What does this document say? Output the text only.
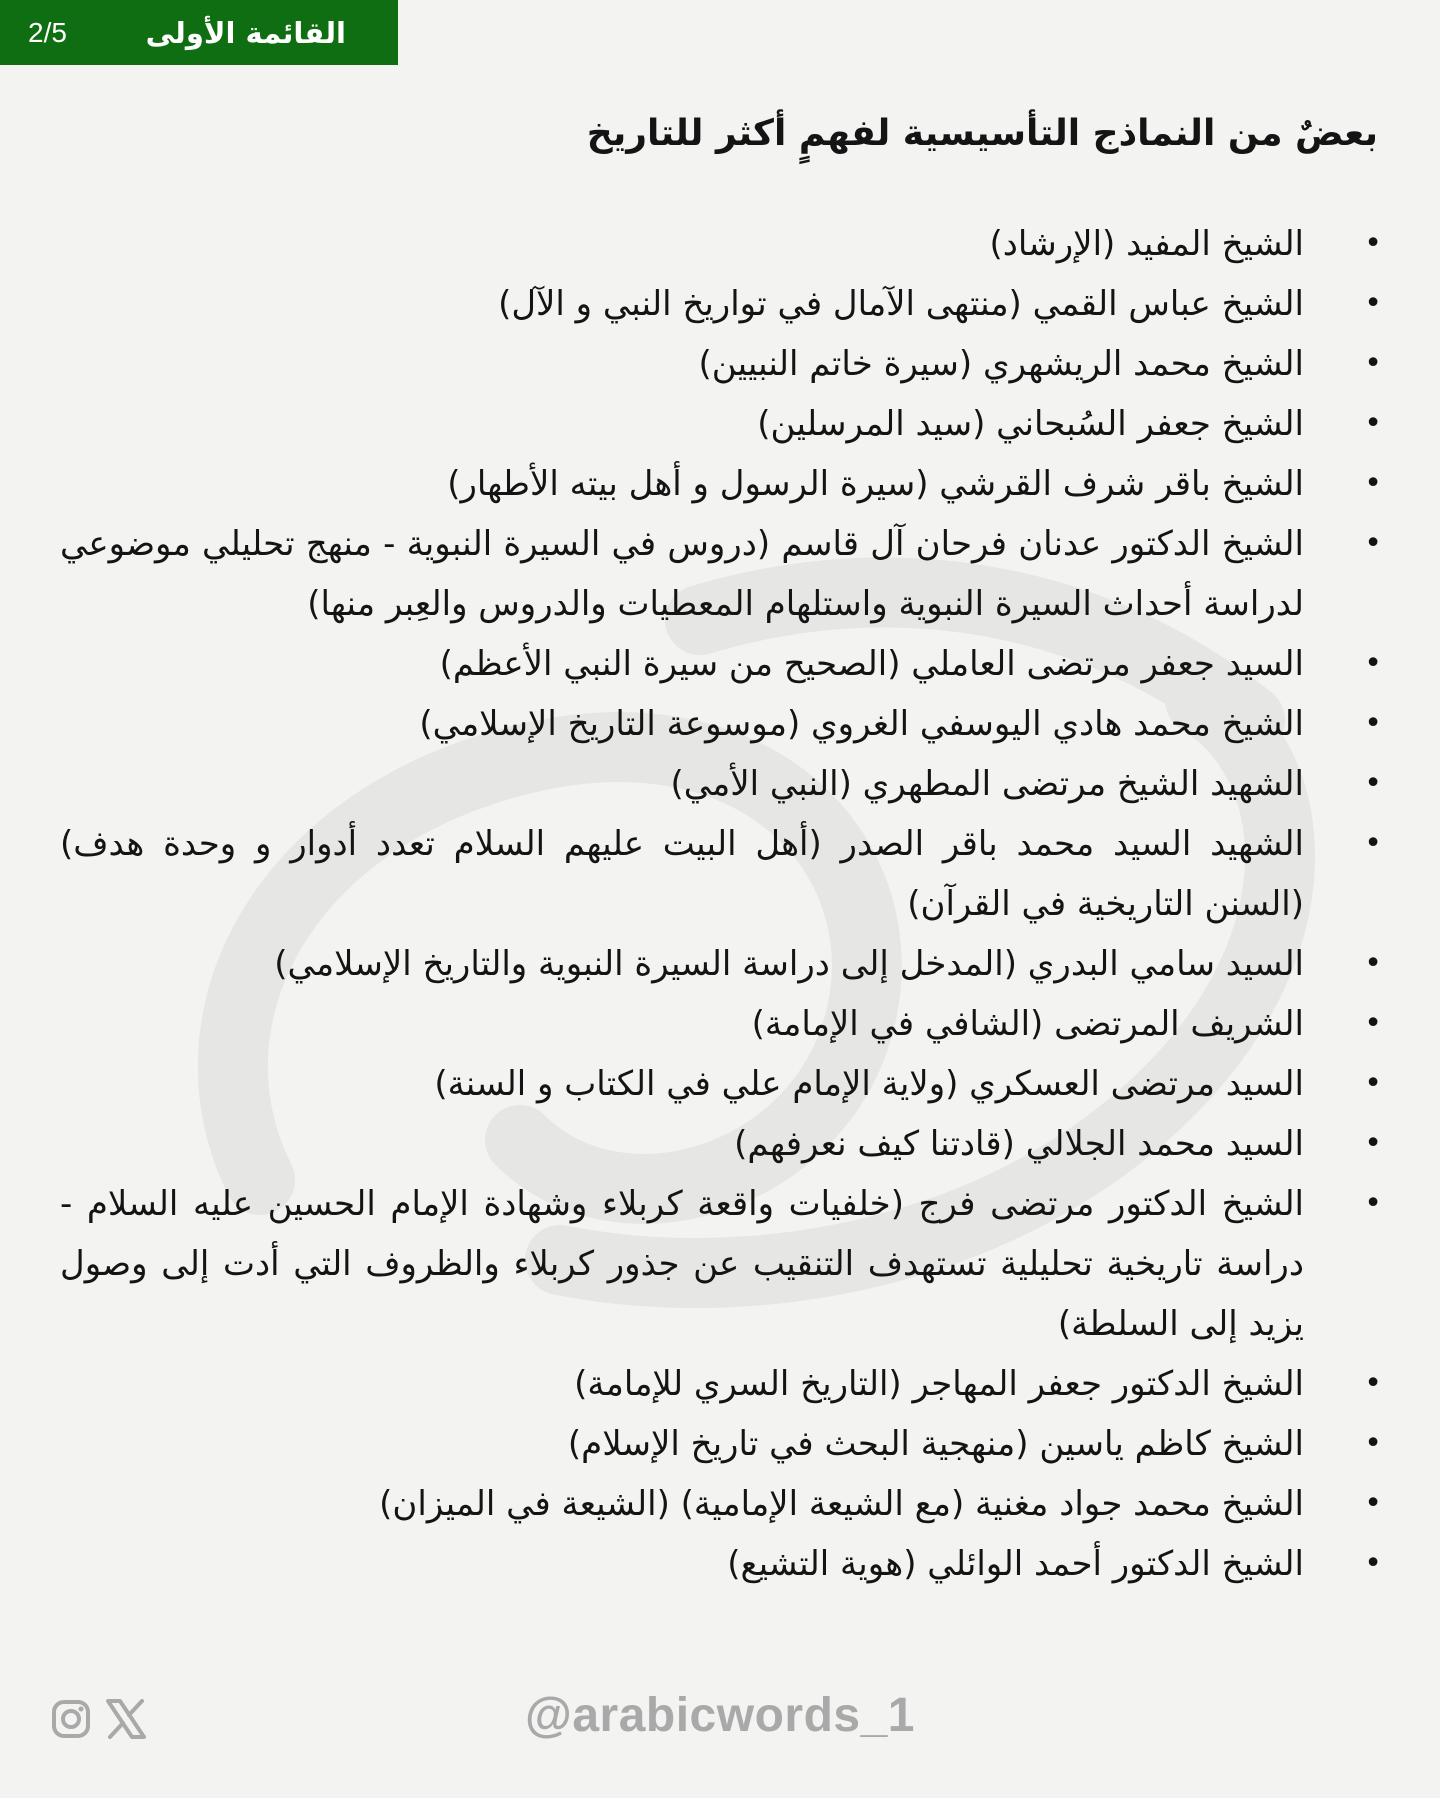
2/5	القائمة الأولى
بعضٌ من النماذج التأسيسية لفهمٍ أكثر للتاريخ
•
الشيخ المفيد (الإرشاد)
•
الشيخ عباس القمي (منتهى الآمال في تواريخ النبي و الآل)
•
الشيخ محمد الريشهري (سيرة خاتم النبيين)
•
الشيخ جعفر السُبحاني (سيد المرسلين)
•
الشيخ باقر شرف القرشي (سيرة الرسول و أهل بيته الأطهار)
•
الشيخ الدكتور عدنان فرحان آل قاسم (دروس في السيرة النبوية - منهج تحليلي موضوعي لدراسة أحداث السيرة النبوية واستلهام المعطيات والدروس والعِبر منها)
•
السيد جعفر مرتضى العاملي (الصحيح من سيرة النبي الأعظم)
•
الشيخ محمد هادي اليوسفي الغروي (موسوعة التاريخ الإسلامي)
•
الشهيد الشيخ مرتضى المطهري (النبي الأمي)
•
الشهيد السيد محمد باقر الصدر (أهل البيت عليهم السلام تعدد أدوار و وحدة هدف) (السنن التاريخية في القرآن)
•
السيد سامي البدري (المدخل إلى دراسة السيرة النبوية والتاريخ الإسلامي)
•
الشريف المرتضى (الشافي في الإمامة)
•
السيد مرتضى العسكري (ولاية الإمام علي في الكتاب و السنة)
•
السيد محمد الجلالي (قادتنا كيف نعرفهم)
•
الشيخ الدكتور مرتضى فرج (خلفيات واقعة كربلاء وشهادة الإمام الحسين عليه السلام - دراسة تاريخية تحليلية تستهدف التنقيب عن جذور كربلاء والظروف التي أدت إلى وصول يزيد إلى السلطة)
•
الشيخ الدكتور جعفر المهاجر (التاريخ السري للإمامة)
•
الشيخ كاظم ياسين (منهجية البحث في تاريخ الإسلام)
•
الشيخ محمد جواد مغنية (مع الشيعة الإمامية) (الشيعة في الميزان)
•
الشيخ الدكتور أحمد الوائلي (هوية التشيع)
@arabicwords_1
